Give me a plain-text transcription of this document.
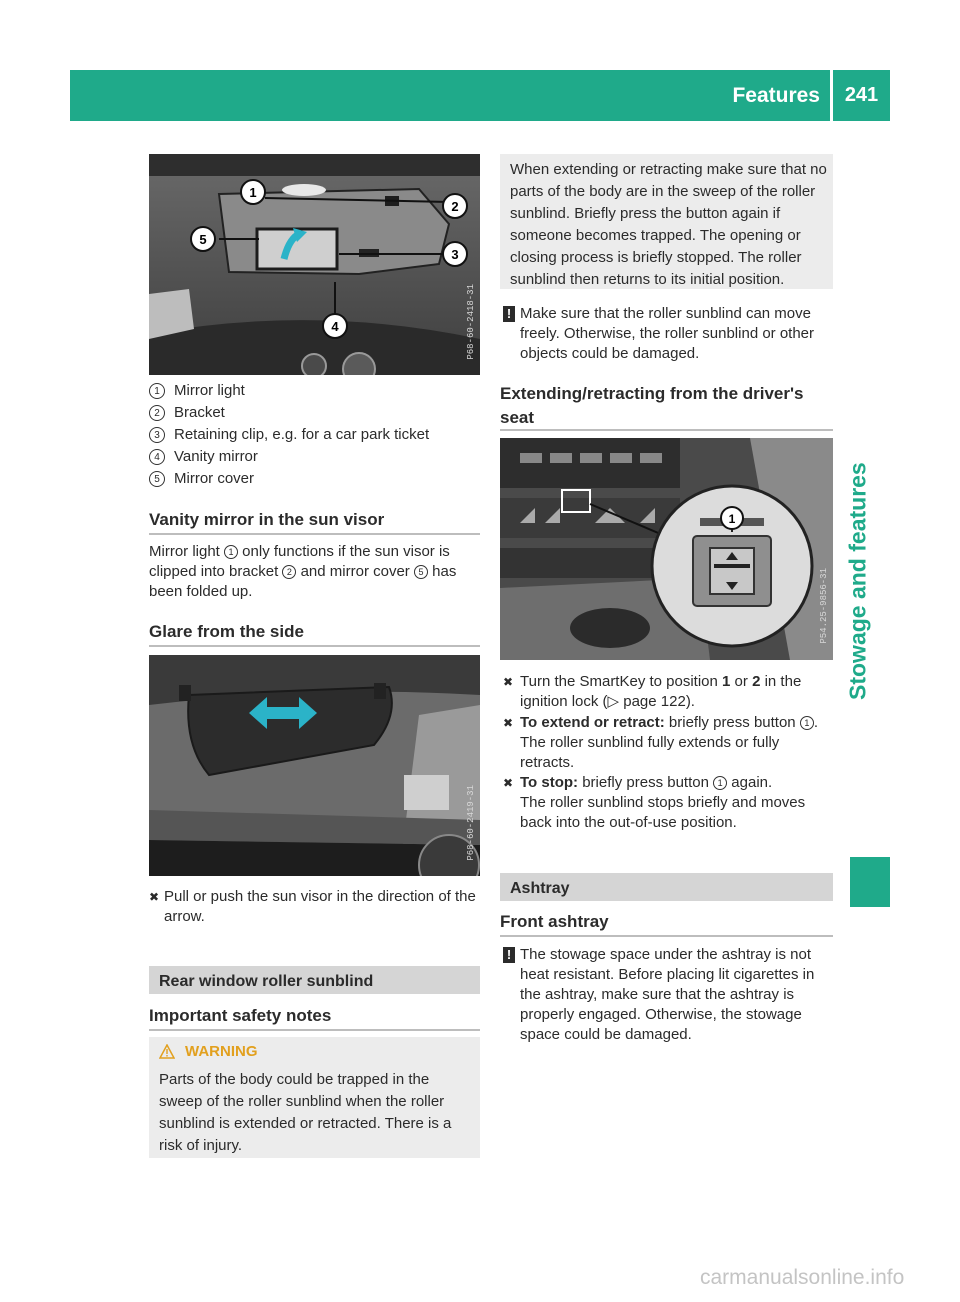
Features	241
Stowage and features
1
2
3
4
5
P68-60-2418-31
1 Mirror light
2 Bracket
3 Retaining clip, e.g. for a car park ticket
4 Vanity mirror
5 Mirror cover
Vanity mirror in the sun visor
Mirror light 1 only functions if the sun visor is clipped into bracket 2 and mirror cover 5 has been folded up.
Glare from the side
P68-60-2419-31
✖ Pull or push the sun visor in the direction of the arrow.
Rear window roller sunblind
Important safety notes
WARNING
Parts of the body could be trapped in the sweep of the roller sunblind when the roller sunblind is extended or retracted. There is a risk of injury.
When extending or retracting make sure that no parts of the body are in the sweep of the roller sunblind. Briefly press the button again if someone becomes trapped. The opening or closing process is briefly stopped. The roller sunblind then returns to its initial position.
! Make sure that the roller sunblind can move freely. Otherwise, the roller sunblind or other objects could be damaged.
Extending/retracting from the driver's seat
1
P54.25-9856-31
✖ Turn the SmartKey to position 1 or 2 in the ignition lock (▷ page 122).
✖ To extend or retract: briefly press button 1 .
The roller sunblind fully extends or fully retracts.
✖ To stop: briefly press button 1 again.
The roller sunblind stops briefly and moves back into the out-of-use position.
Ashtray
Front ashtray
! The stowage space under the ashtray is not heat resistant. Before placing lit cigarettes in the ashtray, make sure that the ashtray is properly engaged. Otherwise, the stowage space could be damaged.
carmanualsonline.info
